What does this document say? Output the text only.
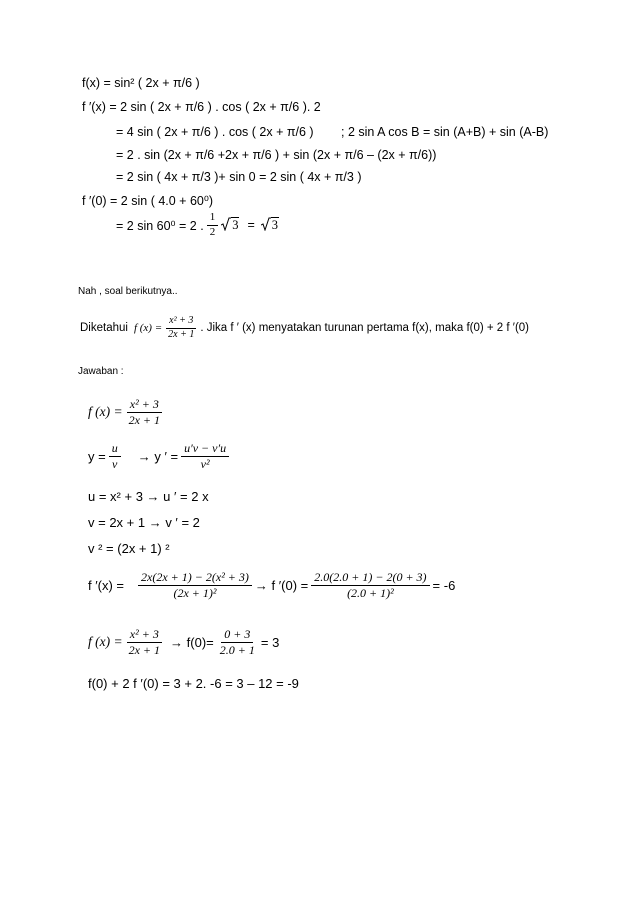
f(x) = sin² ( 2x + π/6 )
f ′(x) = 2 sin ( 2x + π/6 ) . cos ( 2x + π/6 ). 2
= 4 sin ( 2x + π/6 ) . cos ( 2x + π/6 ) ; 2 sin A cos B = sin (A+B) + sin (A-B)
= 2 . sin (2x + π/6 +2x + π/6 ) + sin (2x + π/6 – (2x + π/6))
= 2 sin ( 4x + π/3 )+ sin 0 = 2 sin ( 4x + π/3 )
f ′(0) = 2 sin ( 4.0 + 60⁰)
= 2 sin 60⁰ = 2 . $\frac{1}{2} 3 = 3$
Nah , soal berikutnya..
Diketahui f $(x) = \frac{\text{x² + 3}}{2x + 1}$ . Jika f ′ (x) menyatakan turunan pertama f(x), maka f(0) + 2 f ′(0)
Jawaban :
f $(x) = \frac{\text{x² + 3}}{2x + 1}$
$y = \frac{u}{v} \to y$ ′ = $\frac{u'v - v'u}{\text{v²}}$
u = x² + 3 → u ′ = 2 x
v = 2x + 1 → v ′ = 2
v ² = (2x + 1) ²
f $'(x) = \frac{\text{2x(2x + 1) − 2(x² + 3)}}{\text{(2x + 1)²}} \to f$ $'(0) = \frac{2.0(2.0 + 1) - 2(0 + 3)}{\text{(2.0 + 1)²}} = -6$
f $(x) = \frac{\text{x² + 3}}{2x + 1} \to f(0)= \frac{0 + 3}{2.0 + 1} = 3$
f(0) + 2 f ′(0) = 3 + 2. -6 = 3 – 12 = -9
